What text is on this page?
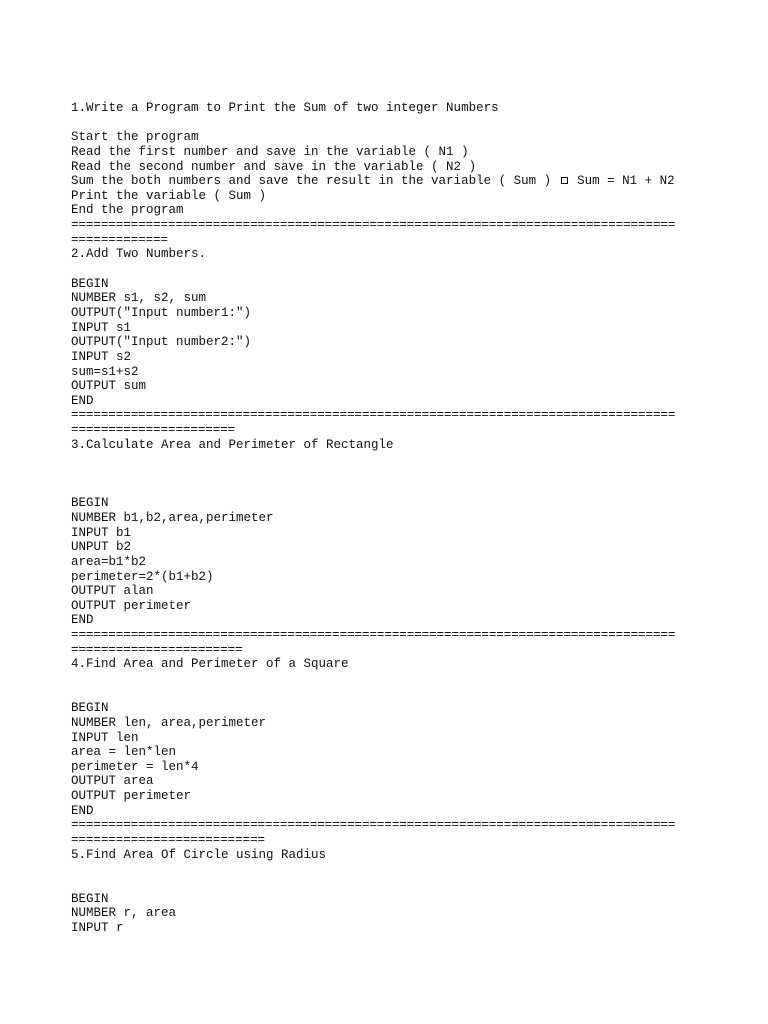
1.Write a Program to Print the Sum of two integer Numbers
Start the program
Read the first number and save in the variable ( N1 )
Read the second number and save in the variable ( N2 )
Sum the both numbers and save the result in the variable ( Sum ) Sum = N1 + N2
Print the variable ( Sum )
End the program
=================================================================================
=============
2.Add Two Numbers.
BEGIN
NUMBER s1, s2, sum
OUTPUT("Input number1:")
INPUT s1
OUTPUT("Input number2:")
INPUT s2
sum=s1+s2
OUTPUT sum
END
=================================================================================
======================
3.Calculate Area and Perimeter of Rectangle
BEGIN
NUMBER b1,b2,area,perimeter
INPUT b1
UNPUT b2
area=b1*b2
perimeter=2*(b1+b2)
OUTPUT alan
OUTPUT perimeter
END
=================================================================================
=======================
4.Find Area and Perimeter of a Square
BEGIN
NUMBER len, area,perimeter
INPUT len
area = len*len
perimeter = len*4
OUTPUT area
OUTPUT perimeter
END
=================================================================================
==========================
5.Find Area Of Circle using Radius
BEGIN
NUMBER r, area
INPUT r
